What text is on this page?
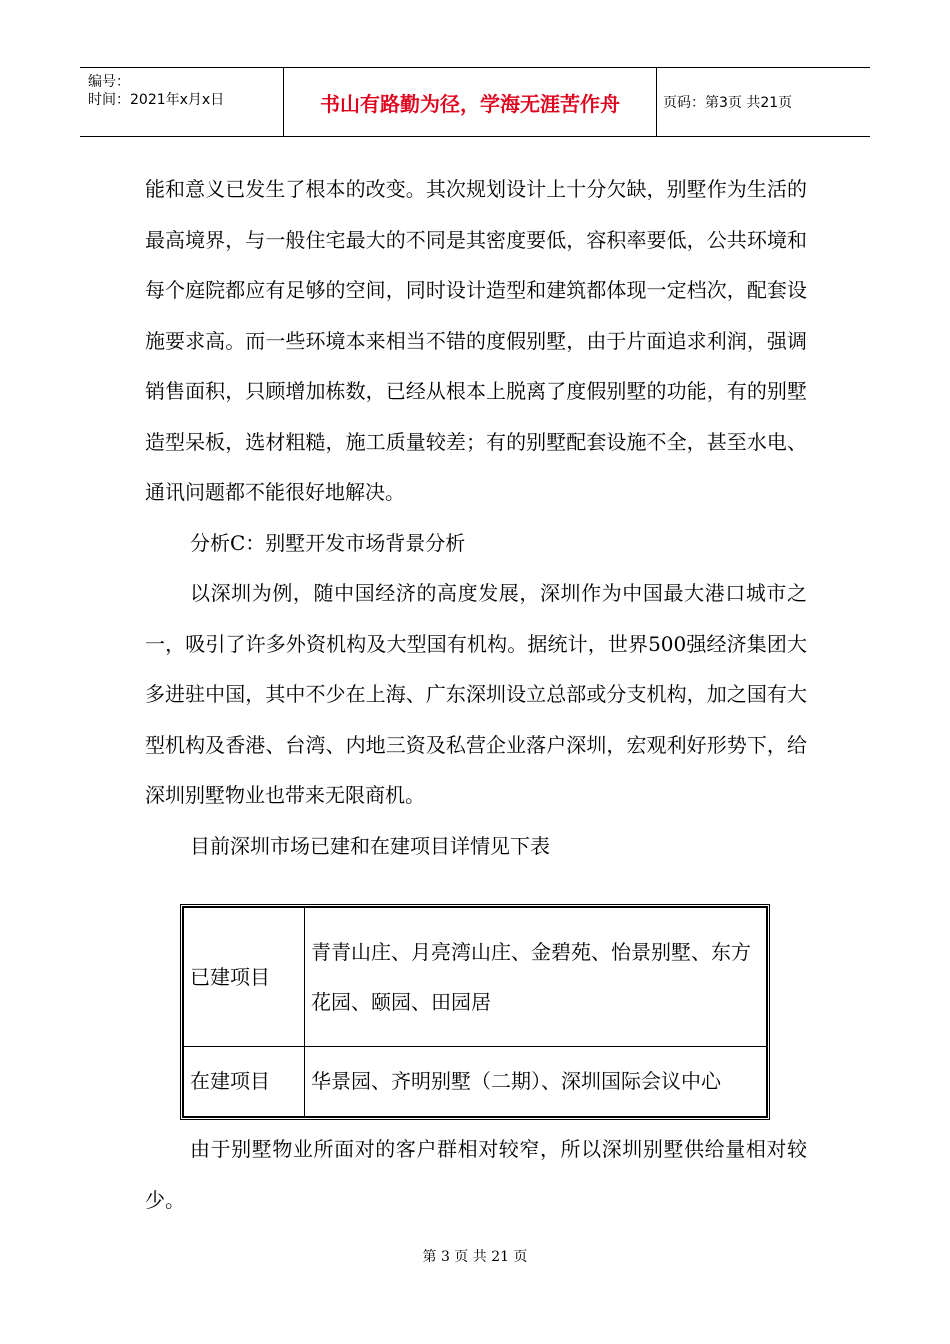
编号：
时间：2021年x月x日	书山有路勤为径，学海无涯苦作舟	页码：第3页 共21页

能和意义已发生了根本的改变。其次规划设计上十分欠缺，别墅作为生活的最高境界，与一般住宅最大的不同是其密度要低，容积率要低，公共环境和每个庭院都应有足够的空间，同时设计造型和建筑都体现一定档次，配套设施要求高。而一些环境本来相当不错的度假别墅，由于片面追求利润，强调销售面积，只顾增加栋数，已经从根本上脱离了度假别墅的功能，有的别墅造型呆板，选材粗糙，施工质量较差；有的别墅配套设施不全，甚至水电、通讯问题都不能很好地解决。

分析C：别墅开发市场背景分析

以深圳为例，随中国经济的高度发展，深圳作为中国最大港口城市之一，吸引了许多外资机构及大型国有机构。据统计，世界500强经济集团大多进驻中国，其中不少在上海、广东深圳设立总部或分支机构，加之国有大型机构及香港、台湾、内地三资及私营企业落户深圳，宏观利好形势下，给深圳别墅物业也带来无限商机。

目前深圳市场已建和在建项目详情见下表

已建项目	青青山庄、月亮湾山庄、金碧苑、怡景别墅、东方花园、颐园、田园居
在建项目	华景园、齐明别墅（二期）、深圳国际会议中心

由于别墅物业所面对的客户群相对较窄，所以深圳别墅供给量相对较少。

第 3 页 共 21 页
